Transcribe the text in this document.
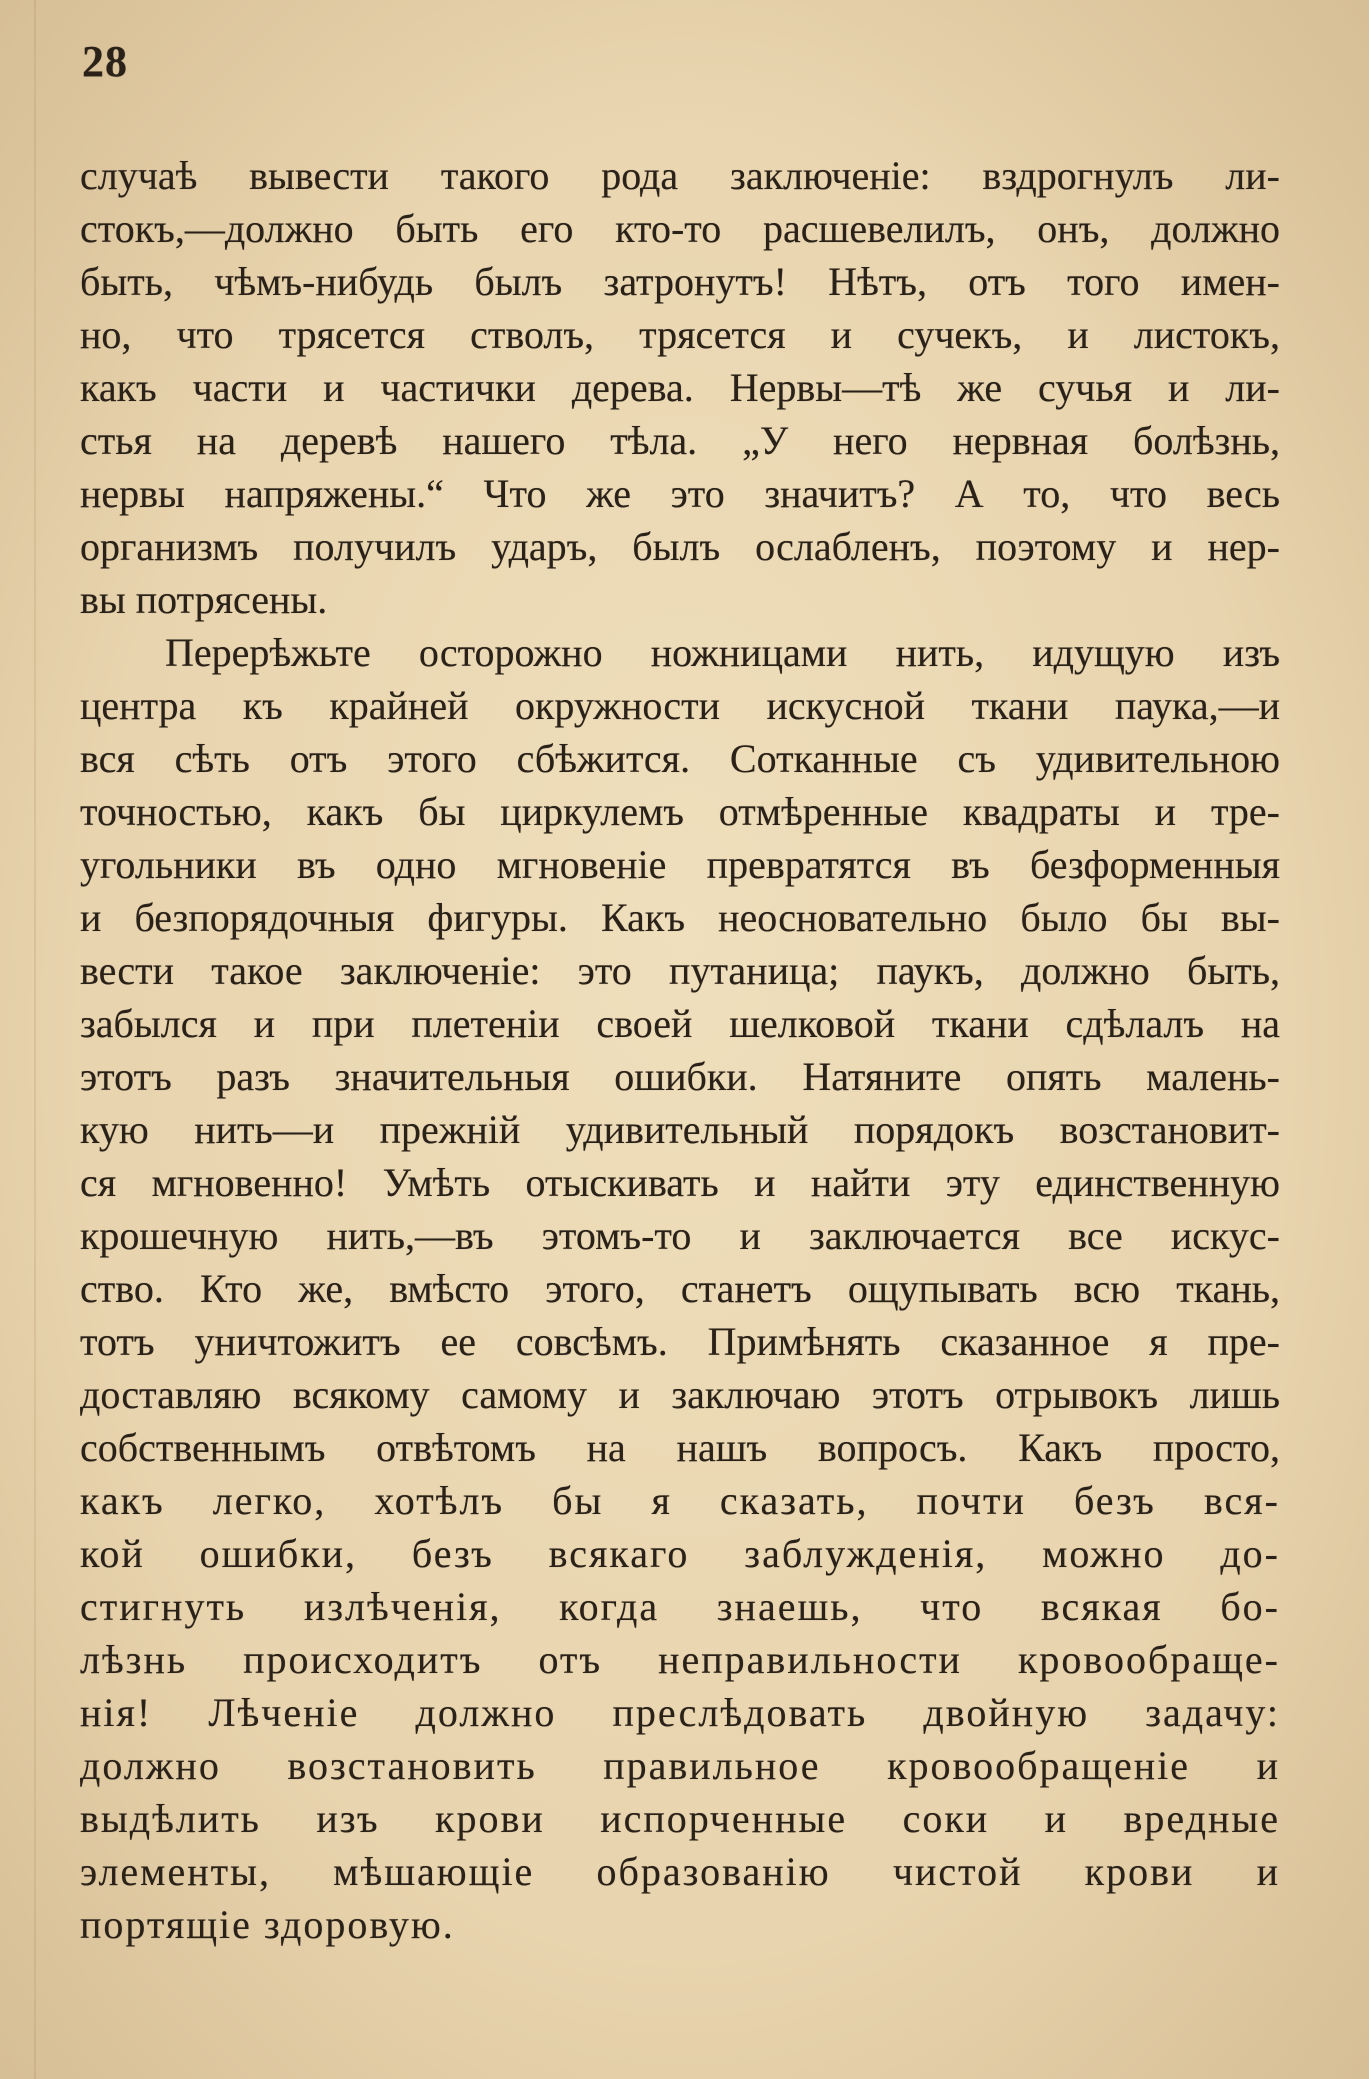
28
случаѣ вывести такого рода заключеніе: вздрогнулъ ли-
стокъ,—должно быть его кто-то расшевелилъ, онъ, должно
быть, чѣмъ-нибудь былъ затронутъ! Нѣтъ, отъ того имен-
но, что трясется стволъ, трясется и сучекъ, и листокъ,
какъ части и частички дерева. Нервы—тѣ же сучья и ли-
стья на деревѣ нашего тѣла. „У него нервная болѣзнь,
нервы напряжены.“ Что же это значитъ? А то, что весь
организмъ получилъ ударъ, былъ ослабленъ, поэтому и нер-
вы потрясены.
Перерѣжьте осторожно ножницами нить, идущую изъ
центра къ крайней окружности искусной ткани паука,—и
вся сѣть отъ этого сбѣжится. Сотканные съ удивительною
точностью, какъ бы циркулемъ отмѣренные квадраты и тре-
угольники въ одно мгновеніе превратятся въ безформенныя
и безпорядочныя фигуры. Какъ неосновательно было бы вы-
вести такое заключеніе: это путаница; паукъ, должно быть,
забылся и при плетеніи своей шелковой ткани сдѣлалъ на
этотъ разъ значительныя ошибки. Натяните опять малень-
кую нить—и прежній удивительный порядокъ возстановит-
ся мгновенно! Умѣть отыскивать и найти эту единственную
крошечную нить,—въ этомъ-то и заключается все искус-
ство. Кто же, вмѣсто этого, станетъ ощупывать всю ткань,
тотъ уничтожитъ ее совсѣмъ. Примѣнять сказанное я пре-
доставляю всякому самому и заключаю этотъ отрывокъ лишь
собственнымъ отвѣтомъ на нашъ вопросъ. Какъ просто,
какъ легко, хотѣлъ бы я сказать, почти безъ вся-
кой ошибки, безъ всякаго заблужденія, можно до-
стигнуть излѣченія, когда знаешь, что всякая бо-
лѣзнь происходитъ отъ неправильности кровообраще-
нія! Лѣченіе должно преслѣдовать двойную задачу:
должно возстановить правильное кровообращеніе и
выдѣлить изъ крови испорченные соки и вредные
элементы, мѣшающіе образованію чистой крови и
портящіе здоровую.
